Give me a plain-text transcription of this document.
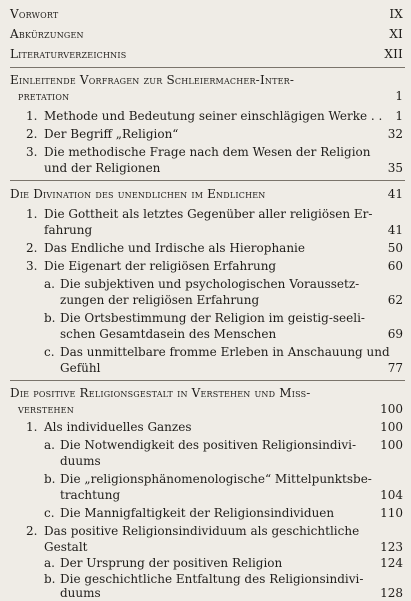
Vorwort	IX
Abkürzungen	XI
Literaturverzeichnis	XII
Einleitende Vorfragen zur Schleiermacher-Inter-
pretation	1
1. Methode und Bedeutung seiner einschlägigen Werke . . 1
2. Der Begriff „Religion“	32
3. Die methodische Frage nach dem Wesen der Religion
und der Religionen	35
Die Divination des unendlichen im Endlichen	41
1. Die Gottheit als letztes Gegenüber aller religiösen Er-
fahrung	41
2. Das Endliche und Irdische als Hierophanie	50
3. Die Eigenart der religiösen Erfahrung	60
a. Die subjektiven und psychologischen Voraussetz-
zungen der religiösen Erfahrung	62
b. Die Ortsbestimmung der Religion im geistig-seeli-
schen Gesamtdasein des Menschen	69
c. Das unmittelbare fromme Erleben in Anschauung und
Gefühl	77
Die positive Religionsgestalt in Verstehen und Miss-
verstehen	100
1. Als individuelles Ganzes	100
a. Die Notwendigkeit des positiven Religionsindivi- 100
duums
b. Die „religionsphänomenologische“ Mittelpunktsbe-
trachtung	104
c. Die Mannigfaltigkeit der Religionsindividuen	110
2. Das positive Religionsindividuum als geschichtliche
Gestalt	123
a. Der Ursprung der positiven Religion	124
b. Die geschichtliche Entfaltung des Religionsindivi-
duums	128
